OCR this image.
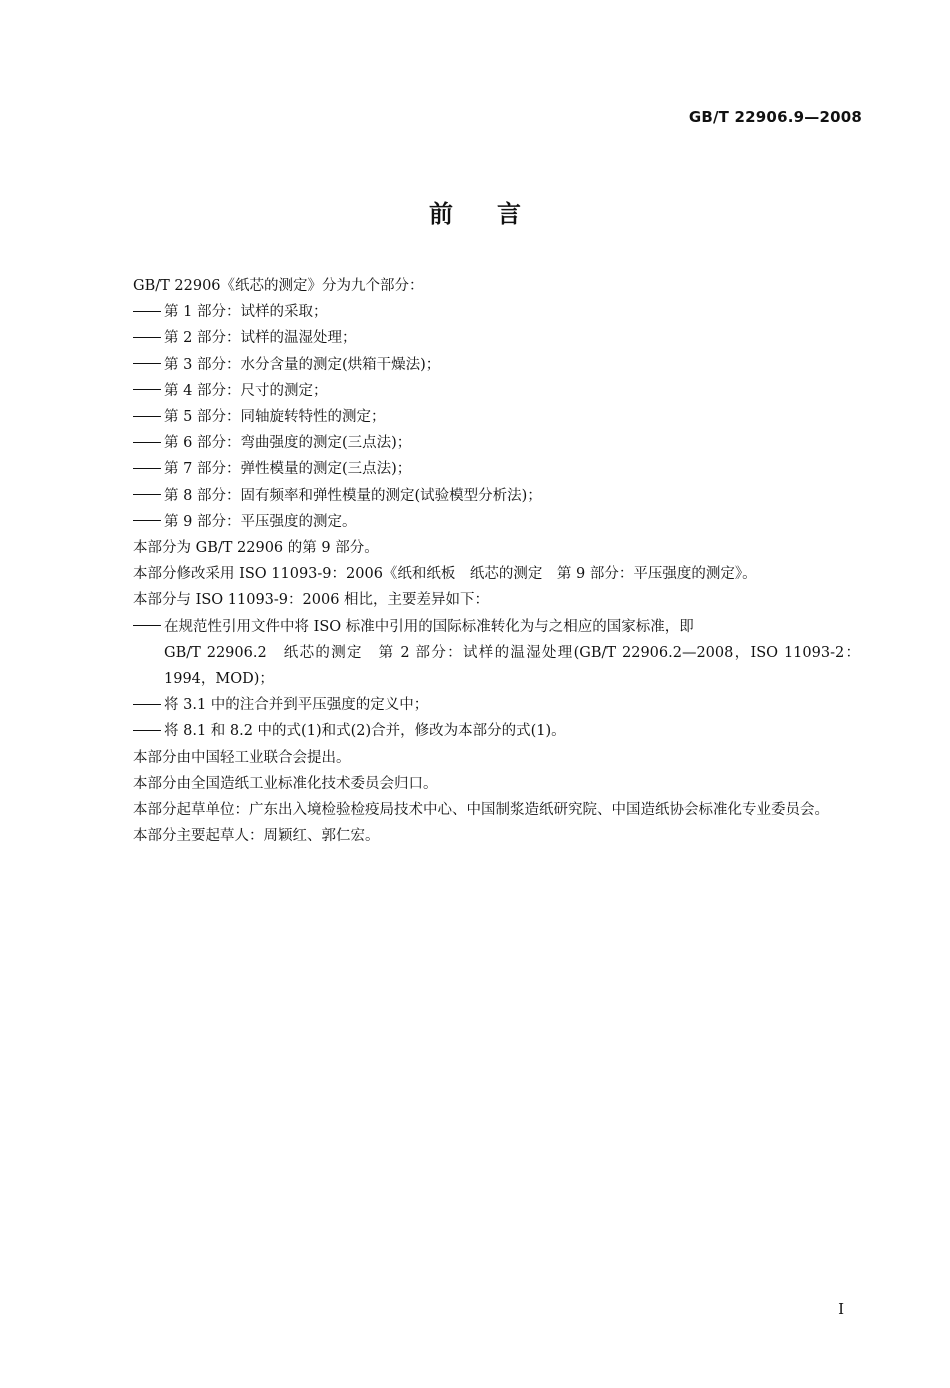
GB/T 22906.9—2008
前言

GB/T 22906《纸芯的测定》分为九个部分：

第 1 部分：试样的采取；

第 2 部分：试样的温湿处理；

第 3 部分：水分含量的测定(烘箱干燥法)；

第 4 部分：尺寸的测定；

第 5 部分：同轴旋转特性的测定；

第 6 部分：弯曲强度的测定(三点法)；

第 7 部分：弹性模量的测定(三点法)；

第 8 部分：固有频率和弹性模量的测定(试验模型分析法)；

第 9 部分：平压强度的测定。

本部分为 GB/T 22906 的第 9 部分。

本部分修改采用 ISO 11093-9：2006《纸和纸板　纸芯的测定　第 9 部分：平压强度的测定》。

本部分与 ISO 11093-9：2006 相比，主要差异如下：

在规范性引用文件中将 ISO 标准中引用的国际标准转化为与之相应的国家标准，即
GB/T 22906.2　纸芯的测定　第 2 部分：试样的温湿处理(GB/T 22906.2—2008，ISO 11093-2：1994，MOD)；

将 3.1 中的注合并到平压强度的定义中；

将 8.1 和 8.2 中的式(1)和式(2)合并，修改为本部分的式(1)。

本部分由中国轻工业联合会提出。

本部分由全国造纸工业标准化技术委员会归口。

本部分起草单位：广东出入境检验检疫局技术中心、中国制浆造纸研究院、中国造纸协会标准化专业委员会。

本部分主要起草人：周颖红、郭仁宏。

I
